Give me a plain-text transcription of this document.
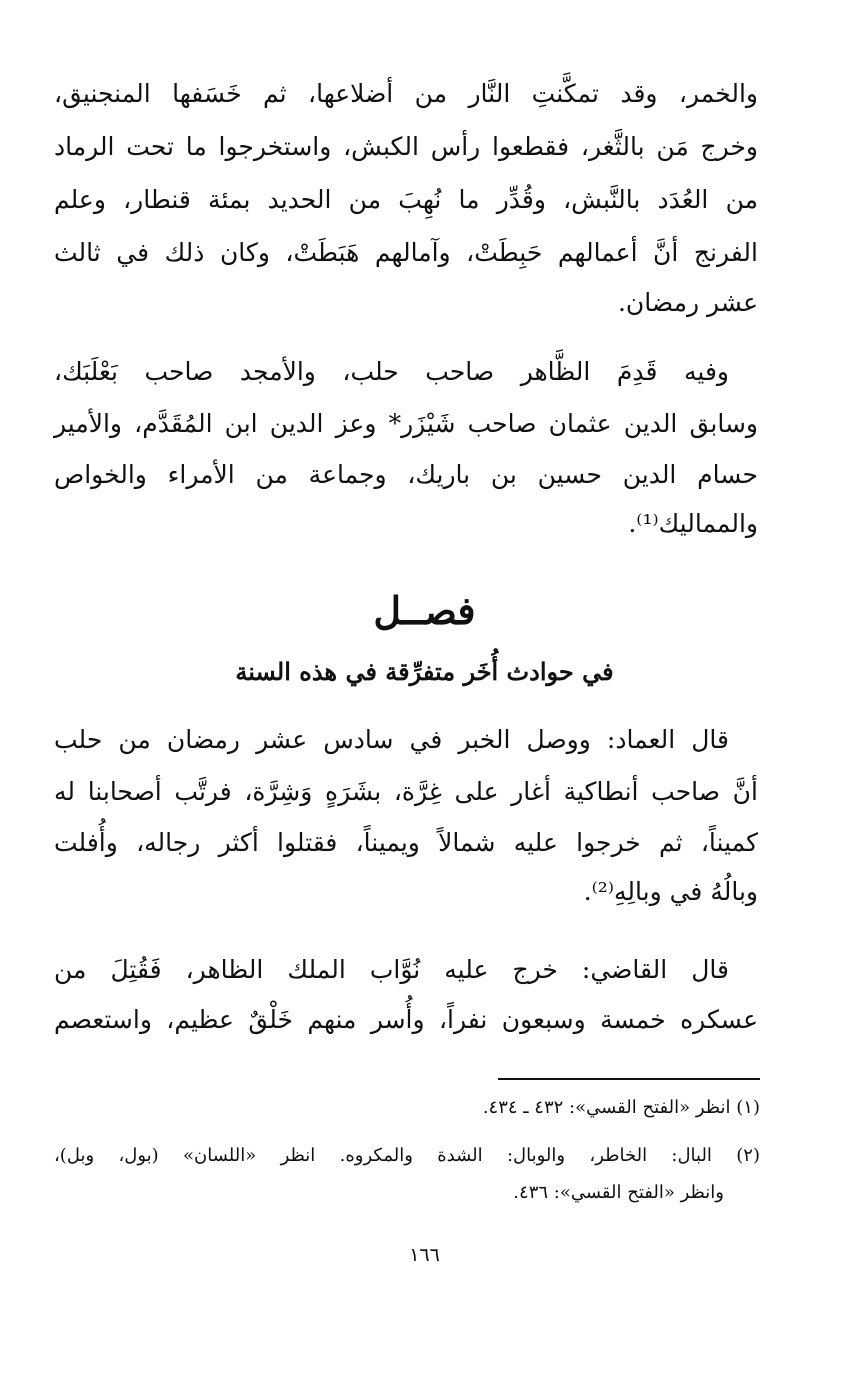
والخمر، وقد تمكَّنتِ النَّار من أضلاعها، ثم خَسَفها المنجنيق،
وخرج مَن بالثَّغر، فقطعوا رأس الكبش، واستخرجوا ما تحت الرماد
من العُدَد بالنَّبش، وقُدِّر ما نُهِبَ من الحديد بمئة قنطار، وعلم
الفرنج أنَّ أعمالهم حَبِطَتْ، وآمالهم هَبَطَتْ، وكان ذلك في ثالث
عشر رمضان.
وفيه قَدِمَ الظَّاهر صاحب حلب، والأمجد صاحب بَعْلَبَك،
وسابق الدين عثمان صاحب شَيْزَر* وعز الدين ابن المُقَدَّم، والأمير
حسام الدين حسين بن باريك، وجماعة من الأمراء والخواص
والمماليك⁽¹⁾.
فصــل
في حوادث أُخَر متفرِّقة في هذه السنة
قال العماد: ووصل الخبر في سادس عشر رمضان من حلب
أنَّ صاحب أنطاكية أغار على غِرَّة، بشَرَهٍ وَشِرَّة، فرتَّب أصحابنا له
كميناً، ثم خرجوا عليه شمالاً ويميناً، فقتلوا أكثر رجاله، وأُفلت
وبالُهُ في وبالِهِ⁽²⁾.
قال القاضي: خرج عليه نُوَّاب الملك الظاهر، فَقُتِلَ من
عسكره خمسة وسبعون نفراً، وأُسر منهم خَلْقٌ عظيم، واستعصم
(١) انظر «الفتح القسي»: ٤٣٢ ـ ٤٣٤.
(٢) البال: الخاطر، والوبال: الشدة والمكروه. انظر «اللسان» (بول، وبل)،
وانظر «الفتح القسي»: ٤٣٦.
١٦٦
